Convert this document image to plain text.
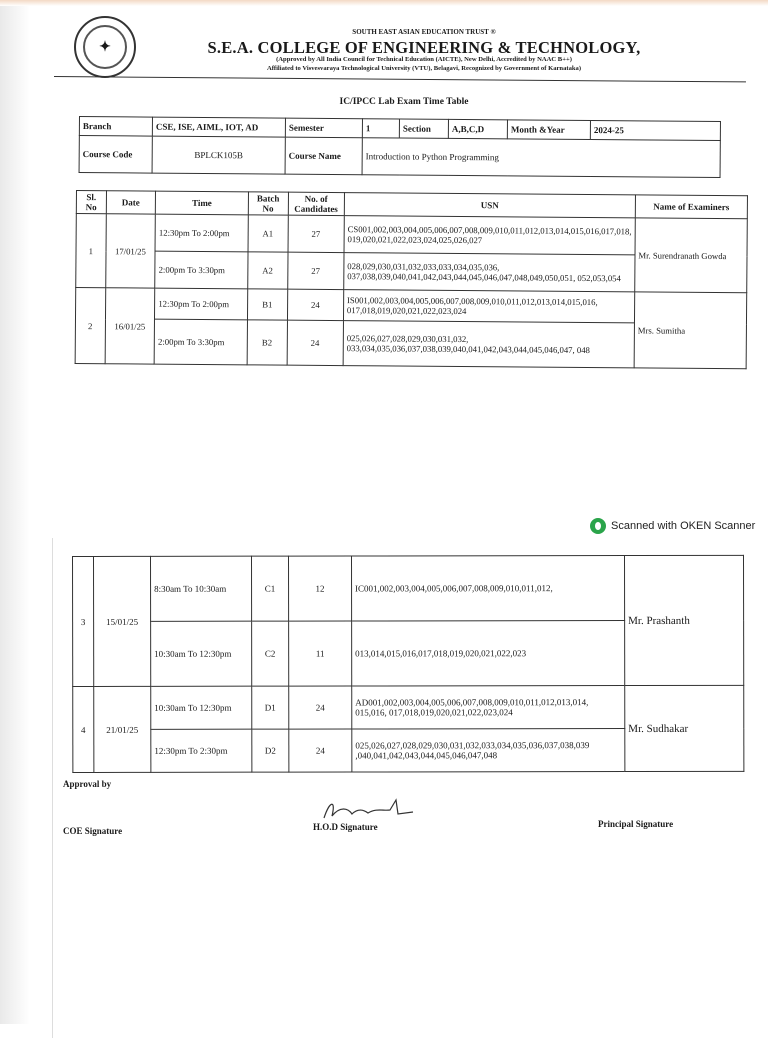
✦
SOUTH EAST ASIAN EDUCATION TRUST ®
S.E.A. COLLEGE OF ENGINEERING & TECHNOLOGY,
(Approved by All India Council for Technical Education (AICTE), New Delhi, Accredited by NAAC B++)
Affiliated to Visvesvaraya Technological University (VTU), Belagavi, Recognized by Government of Karnataka)
IC/IPCC Lab Exam Time Table
Branch	CSE, ISE, AIML, IOT, AD	Semester	1	Section	A,B,C,D	Month &Year	2024-25
Course Code	BPLCK105B	Course Name	Introduction to Python Programming				
Sl. No	Date	Time	Batch No	No. of Candidates	USN	Name of Examiners
1	17/01/25	12:30pm To 2:00pm	A1	27	CS001,002,003,004,005,006,007,008,009,010,011,012,013,014,015,016,017,018, 019,020,021,022,023,024,025,026,027	Mr. Surendranath Gowda
		2:00pm To 3:30pm	A2	27	028,029,030,031,032,033,033,034,035,036, 037,038,039,040,041,042,043,044,045,046,047,048,049,050,051, 052,053,054	
2	16/01/25	12:30pm To 2:00pm	B1	24	IS001,002,003,004,005,006,007,008,009,010,011,012,013,014,015,016, 017,018,019,020,021,022,023,024	Mrs. Sumitha
		2:00pm To 3:30pm	B2	24	025,026,027,028,029,030,031,032, 033,034,035,036,037,038,039,040,041,042,043,044,045,046,047, 048	
Scanned with OKEN Scanner
3	15/01/25	8:30am To 10:30am	C1	12	IC001,002,003,004,005,006,007,008,009,010,011,012,	Mr. Prashanth
		10:30am To 12:30pm	C2	11	013,014,015,016,017,018,019,020,021,022,023	
4	21/01/25	10:30am To 12:30pm	D1	24	AD001,002,003,004,005,006,007,008,009,010,011,012,013,014, 015,016, 017,018,019,020,021,022,023,024	Mr. Sudhakar
		12:30pm To 2:30pm	D2	24	025,026,027,028,029,030,031,032,033,034,035,036,037,038,039 ,040,041,042,043,044,045,046,047,048	
Approval by
COE Signature	H.O.D Signature	Principal Signature
